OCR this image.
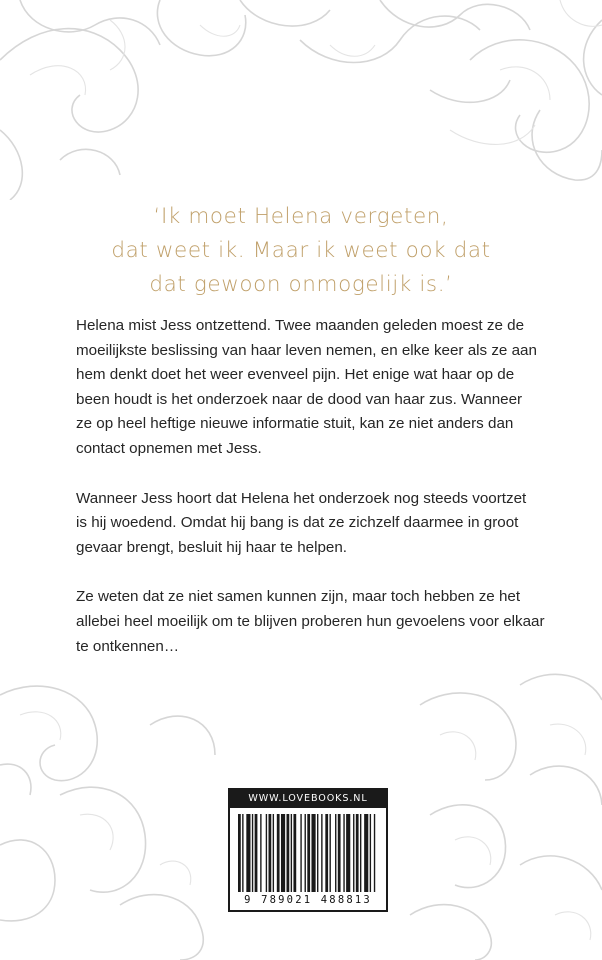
‘Ik moet Helena vergeten,
dat weet ik. Maar ik weet ook dat
dat gewoon onmogelijk is.’

Helena mist Jess ontzettend. Twee maanden geleden moest ze de
moeilijkste beslissing van haar leven nemen, en elke keer als ze aan
hem denkt doet het weer evenveel pijn. Het enige wat haar op de
been houdt is het onderzoek naar de dood van haar zus. Wanneer
ze op heel heftige nieuwe informatie stuit, kan ze niet anders dan
contact opnemen met Jess.

Wanneer Jess hoort dat Helena het onderzoek nog steeds voortzet
is hij woedend. Omdat hij bang is dat ze zichzelf daarmee in groot
gevaar brengt, besluit hij haar te helpen.

Ze weten dat ze niet samen kunnen zijn, maar toch hebben ze het
allebei heel moeilijk om te blijven proberen hun gevoelens voor elkaar
te ontkennen…

WWW.LOVEBOOKS.NL
9 789021 488813
